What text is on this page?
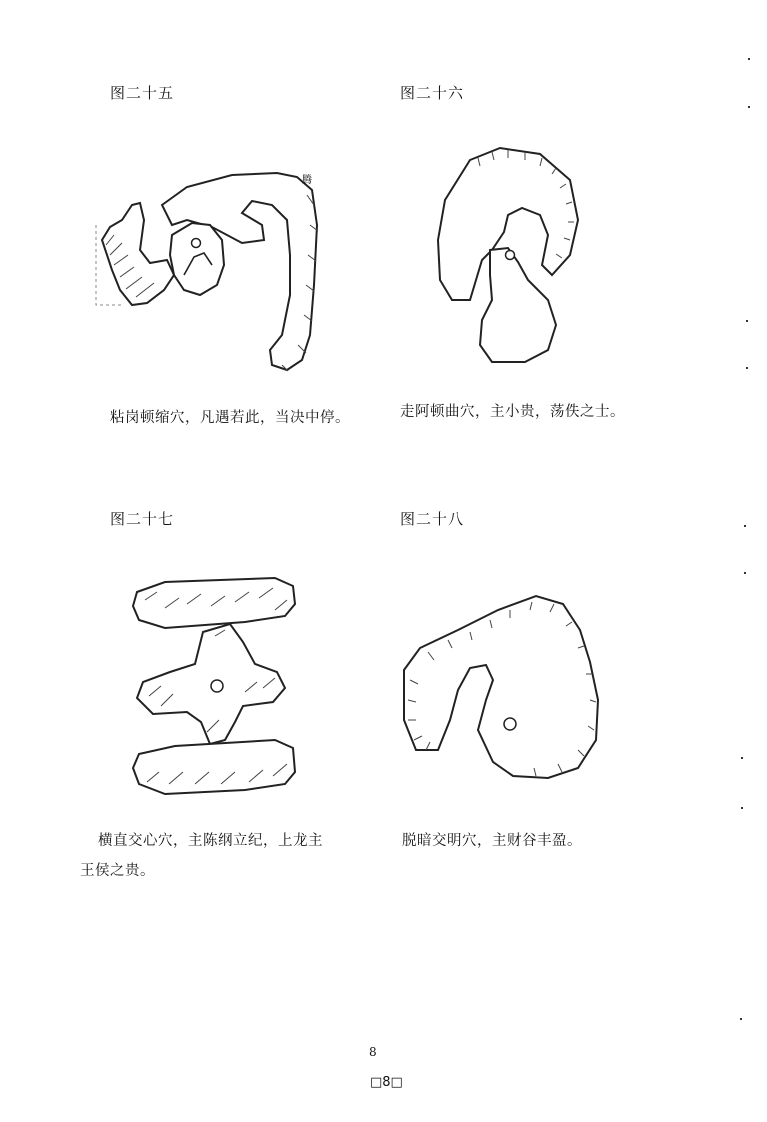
图二十五
腾
粘岗顿缩穴，凡遇若此，当决中停。
图二十六
走阿顿曲穴，主小贵，荡佚之士。
图二十七
横直交心穴，主陈纲立纪，上龙主
王侯之贵。
图二十八
脱暗交明穴，主财谷丰盈。
8
□8□
